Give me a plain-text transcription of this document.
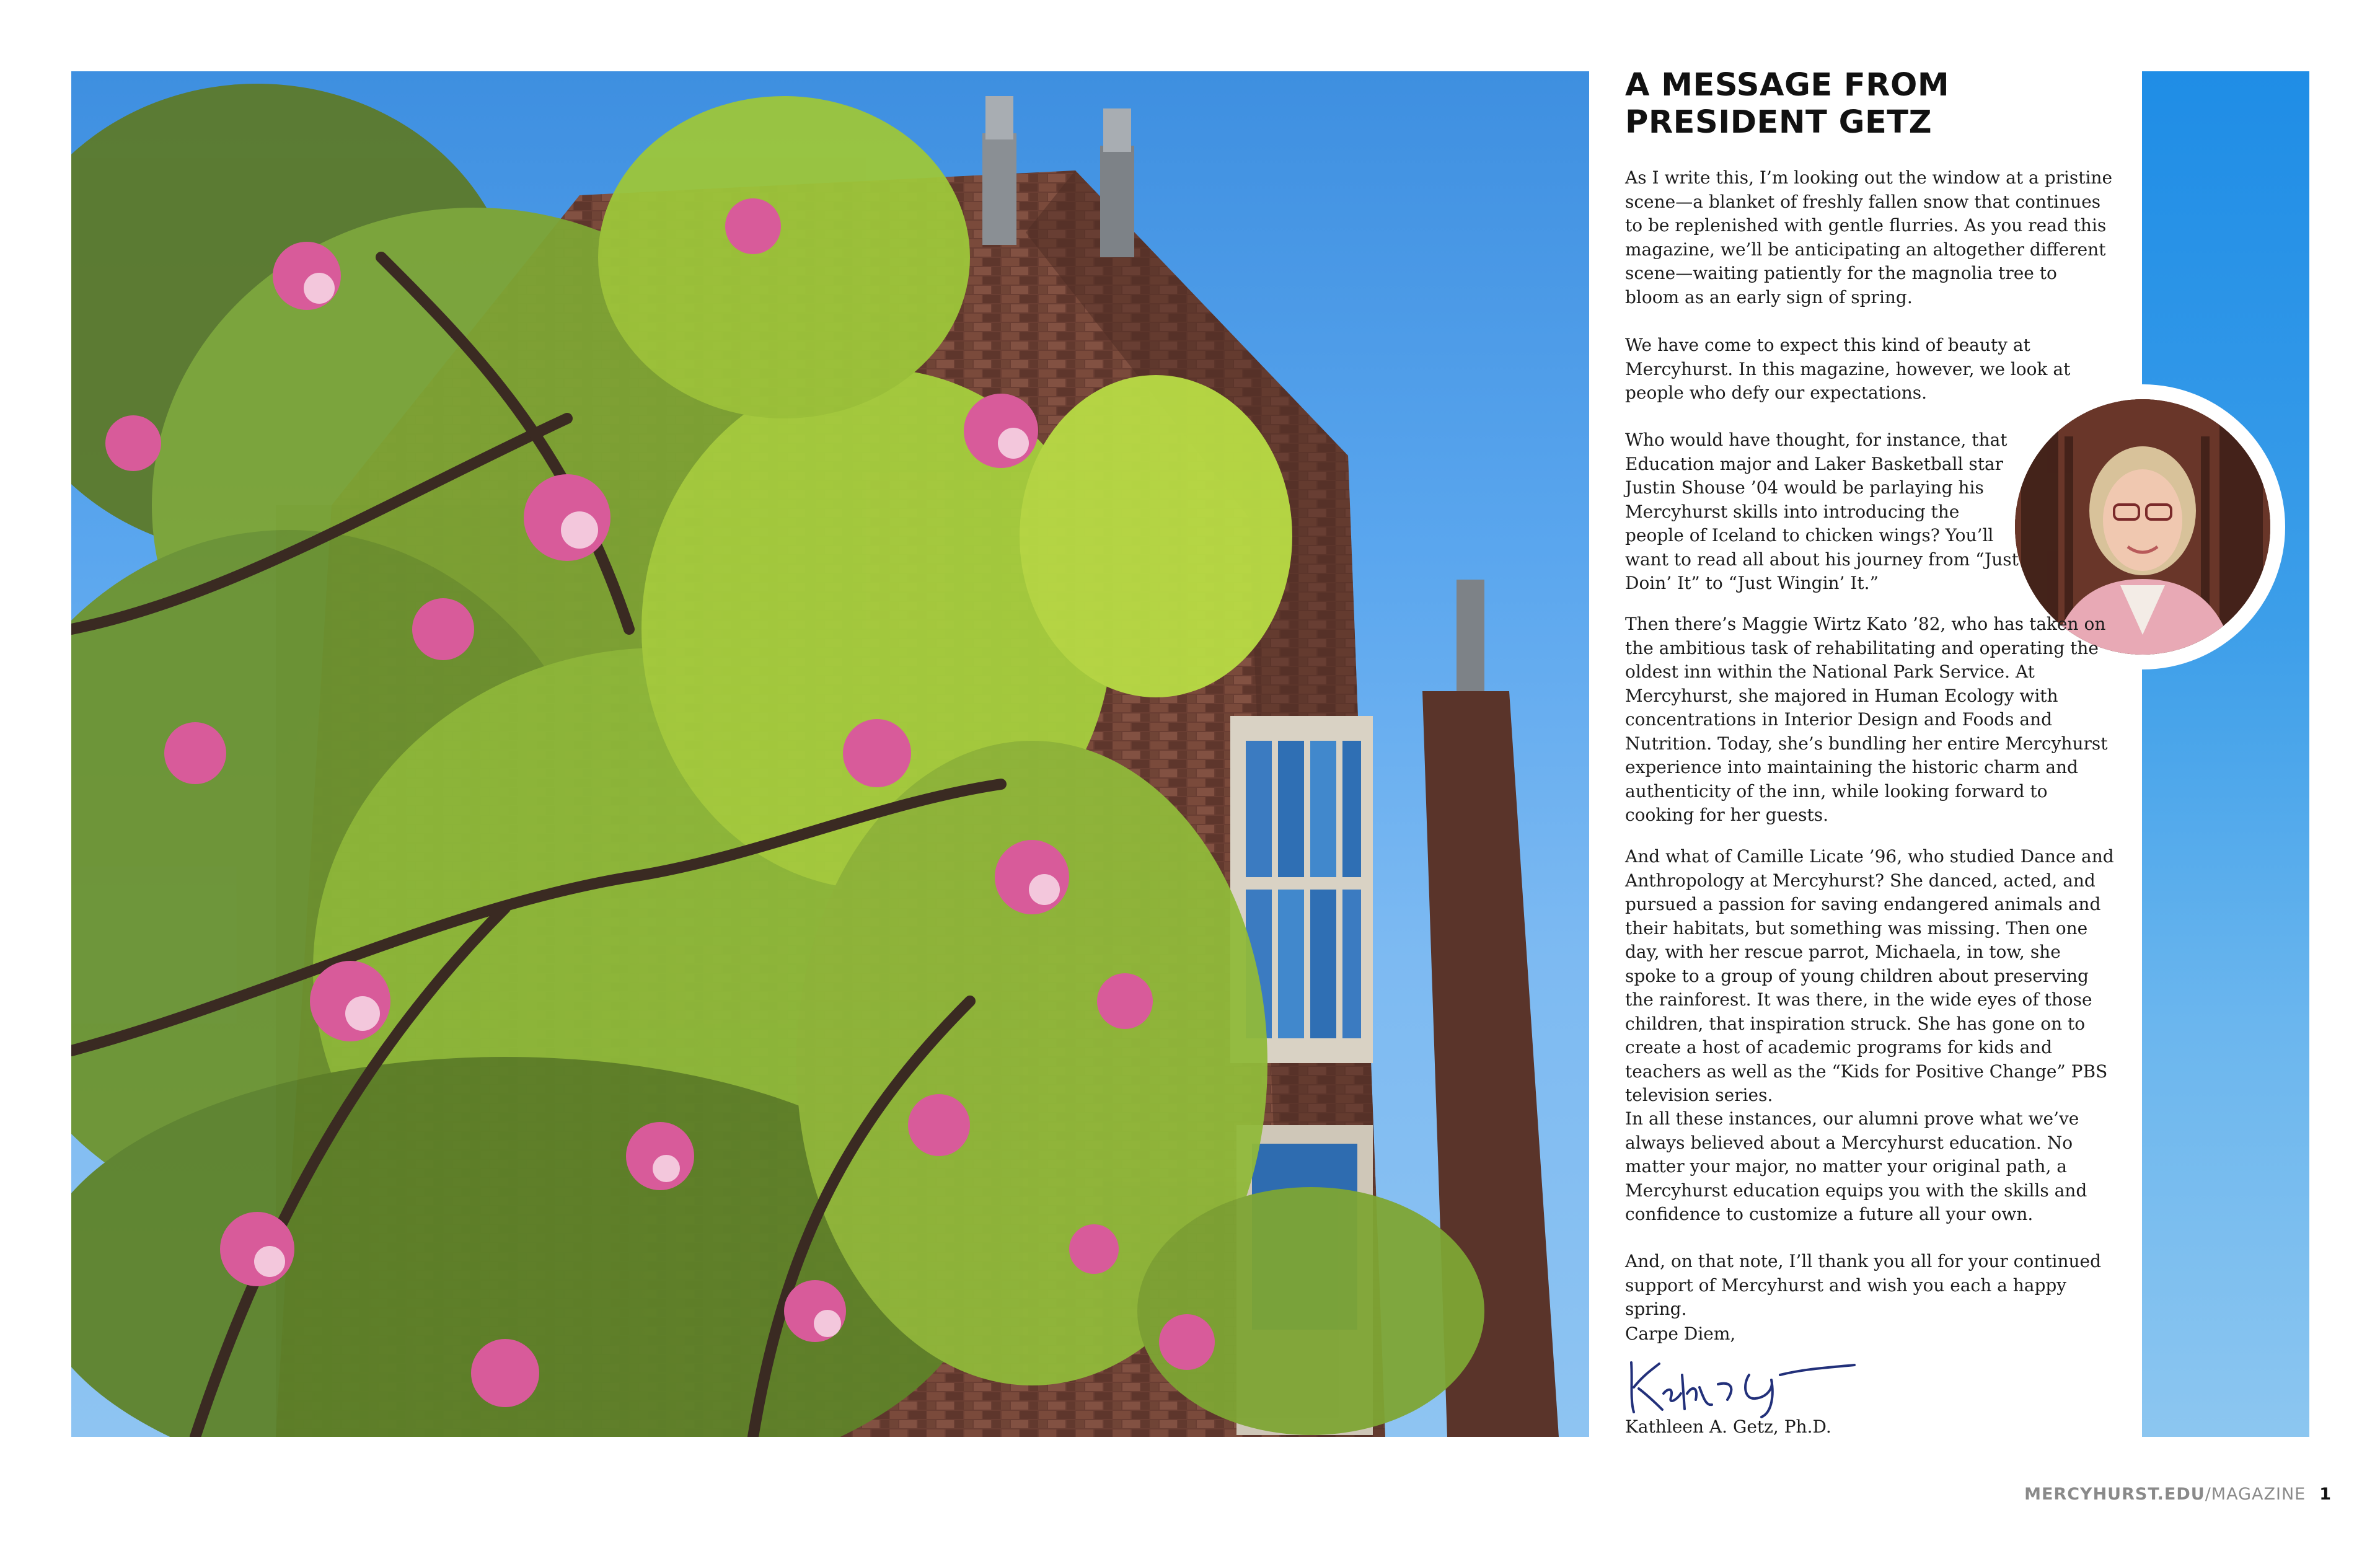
A MESSAGE FROM PRESIDENT GETZ

As I write this, I’m looking out the window at a pristine scene—a blanket of freshly fallen snow that continues to be replenished with gentle flurries. As you read this magazine, we’ll be anticipating an altogether different scene—waiting patiently for the magnolia tree to bloom as an early sign of spring.

We have come to expect this kind of beauty at Mercyhurst. In this magazine, however, we look at people who defy our expectations.

Who would have thought, for instance, that Education major and Laker Basketball star Justin Shouse ’04 would be parlaying his Mercyhurst skills into introducing the people of Iceland to chicken wings? You’ll want to read all about his journey from “Just Doin’ It” to “Just Wingin’ It.”

Then there’s Maggie Wirtz Kato ’82, who has taken on the ambitious task of rehabilitating and operating the oldest inn within the National Park Service. At Mercyhurst, she majored in Human Ecology with concentrations in Interior Design and Foods and Nutrition. Today, she’s bundling her entire Mercyhurst experience into maintaining the historic charm and authenticity of the inn, while looking forward to cooking for her guests.

And what of Camille Licate ’96, who studied Dance and Anthropology at Mercyhurst? She danced, acted, and pursued a passion for saving endangered animals and their habitats, but something was missing. Then one day, with her rescue parrot, Michaela, in tow, she spoke to a group of young children about preserving the rainforest. It was there, in the wide eyes of those children, that inspiration struck. She has gone on to create a host of academic programs for kids and teachers as well as the “Kids for Positive Change” PBS television series.

In all these instances, our alumni prove what we’ve always believed about a Mercyhurst education. No matter your major, no matter your original path, a Mercyhurst education equips you with the skills and confidence to customize a future all your own.

And, on that note, I’ll thank you all for your continued support of Mercyhurst and wish you each a happy spring.

Carpe Diem,

Kathleen A. Getz, Ph.D.

MERCYHURST.EDU/MAGAZINE 1
